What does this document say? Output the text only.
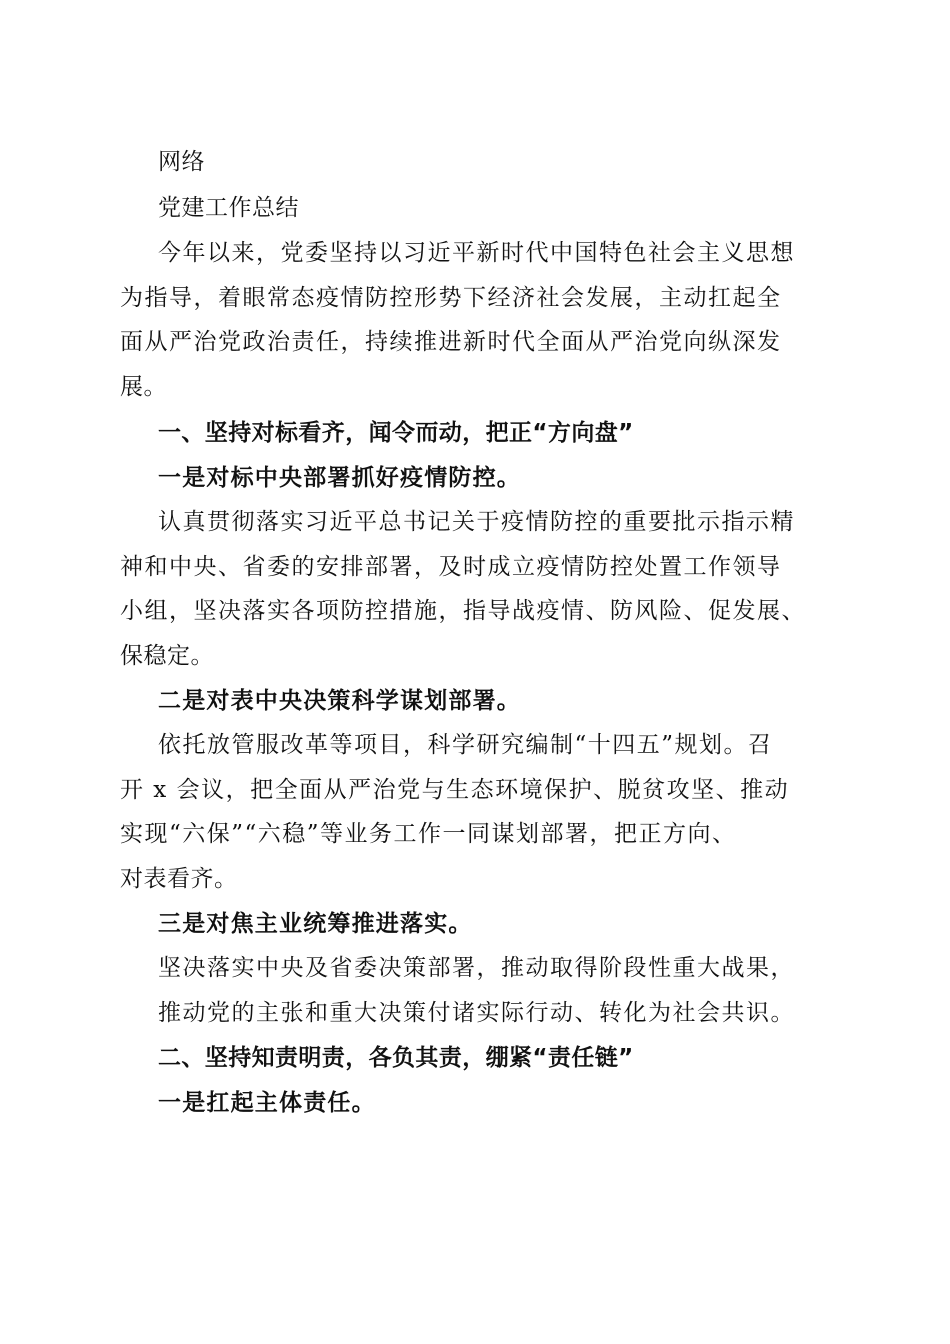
网络
党建工作总结
今年以来，党委坚持以习近平新时代中国特色社会主义思想
为指导，着眼常态疫情防控形势下经济社会发展，主动扛起全
面从严治党政治责任，持续推进新时代全面从严治党向纵深发
展。
一、坚持对标看齐，闻令而动，把正“方向盘”
一是对标中央部署抓好疫情防控。
认真贯彻落实习近平总书记关于疫情防控的重要批示指示精
神和中央、省委的安排部署，及时成立疫情防控处置工作领导
小组，坚决落实各项防控措施，指导战疫情、防风险、促发展、
保稳定。
二是对表中央决策科学谋划部署。
依托放管服改革等项目，科学研究编制“十四五”规划。召
开 x 会议，把全面从严治党与生态环境保护、脱贫攻坚、推动
实现“六保”“六稳”等业务工作一同谋划部署，把正方向、
对表看齐。
三是对焦主业统筹推进落实。
坚决落实中央及省委决策部署，推动取得阶段性重大战果，
推动党的主张和重大决策付诸实际行动、转化为社会共识。
二、坚持知责明责，各负其责，绷紧“责任链”
一是扛起主体责任。
